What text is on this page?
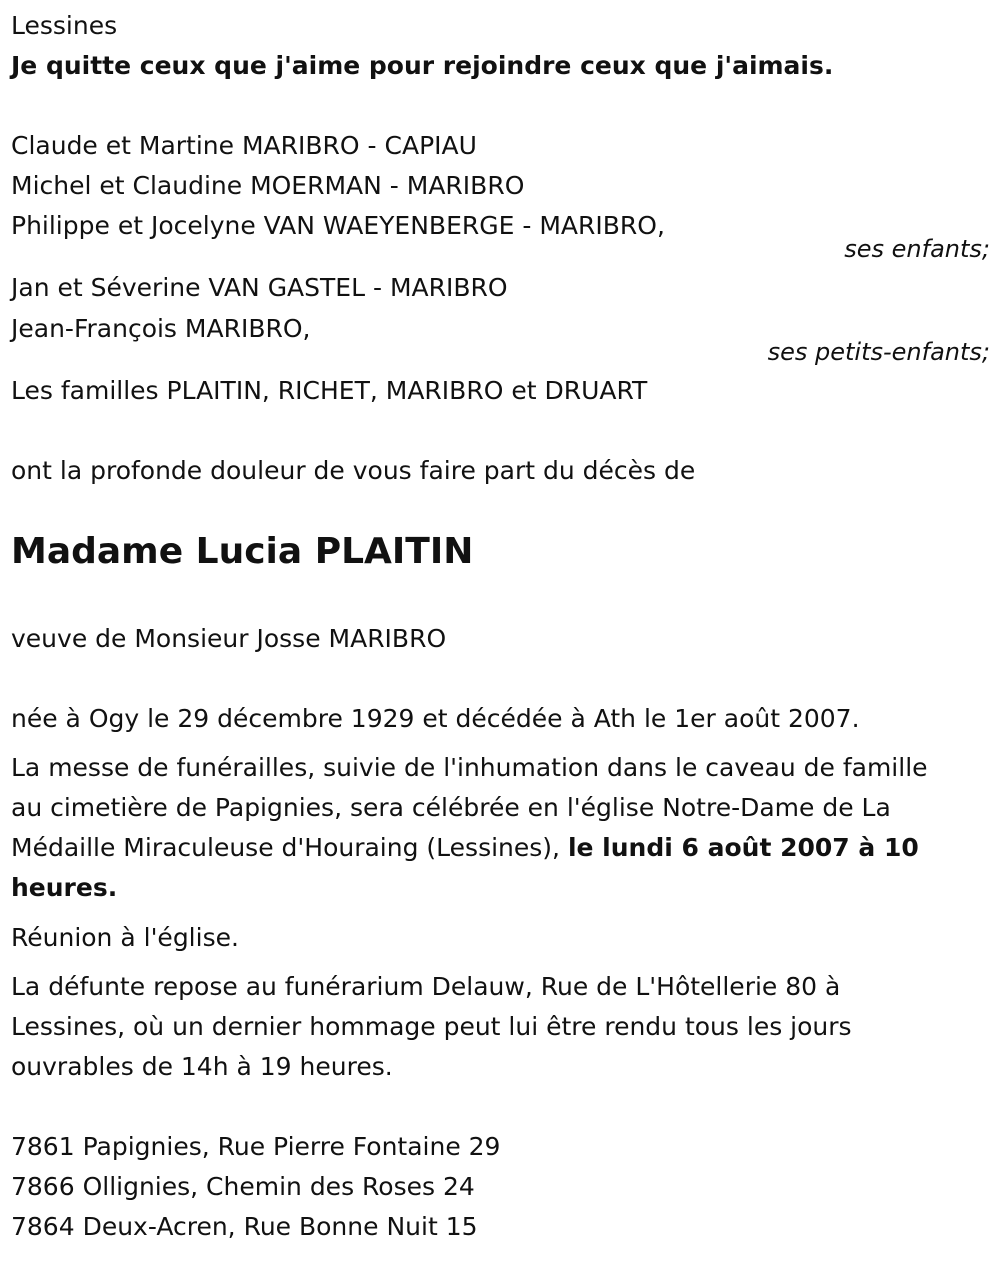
Lessines
Je quitte ceux que j'aime pour rejoindre ceux que j'aimais.
Claude et Martine MARIBRO - CAPIAU
Michel et Claudine MOERMAN - MARIBRO
Philippe et Jocelyne VAN WAEYENBERGE - MARIBRO,
ses enfants;
Jan et Séverine VAN GASTEL - MARIBRO
Jean-François MARIBRO,
ses petits-enfants;
Les familles PLAITIN, RICHET, MARIBRO et DRUART
ont la profonde douleur de vous faire part du décès de
Madame Lucia PLAITIN
veuve de Monsieur Josse MARIBRO
née à Ogy le 29 décembre 1929 et décédée à Ath le 1er août 2007.
La messe de funérailles, suivie de l'inhumation dans le caveau de famille
au cimetière de Papignies, sera célébrée en l'église Notre-Dame de La
Médaille Miraculeuse d'Houraing (Lessines), le lundi 6 août 2007 à 10
heures.
Réunion à l'église.
La défunte repose au funérarium Delauw, Rue de L'Hôtellerie 80 à
Lessines, où un dernier hommage peut lui être rendu tous les jours
ouvrables de 14h à 19 heures.
7861 Papignies, Rue Pierre Fontaine 29
7866 Ollignies, Chemin des Roses 24
7864 Deux-Acren, Rue Bonne Nuit 15
